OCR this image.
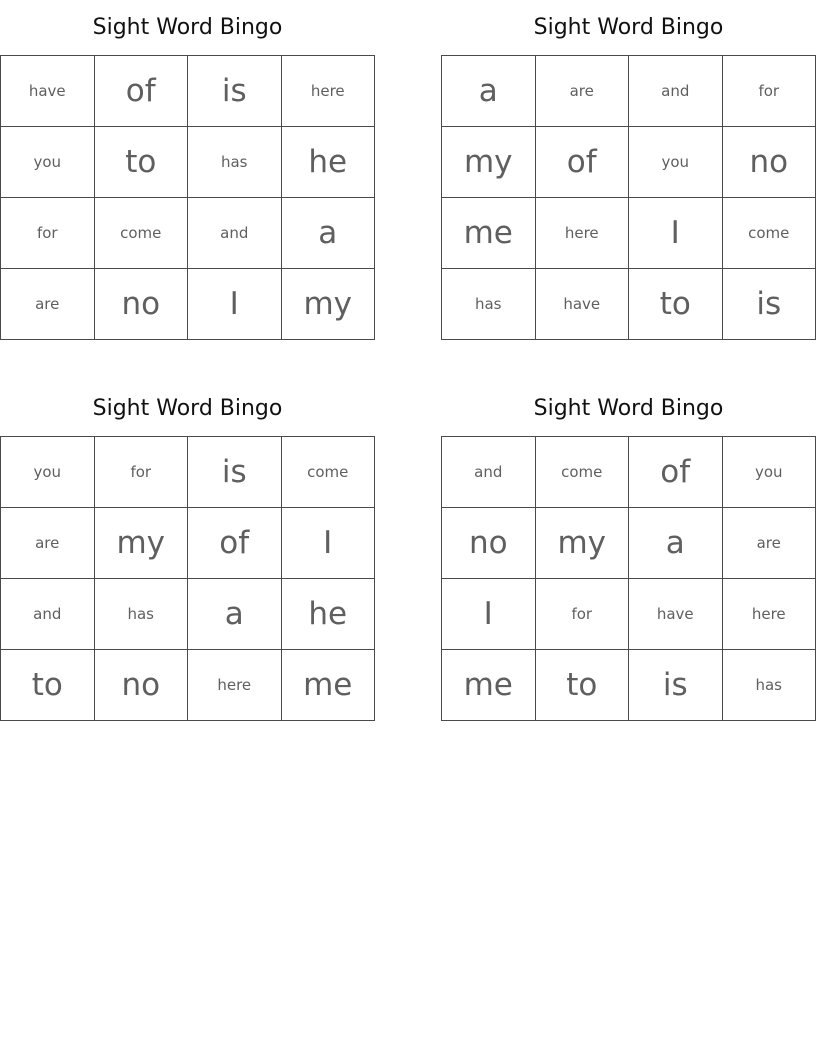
Sight Word Bingo
have	of	is	here
you	to	has	he
for	come	and	a
are	no	I	my
Sight Word Bingo
a	are	and	for
my	of	you	no
me	here	I	come
has	have	to	is
Sight Word Bingo
you	for	is	come
are	my	of	I
and	has	a	he
to	no	here	me
Sight Word Bingo
and	come	of	you
no	my	a	are
I	for	have	here
me	to	is	has
